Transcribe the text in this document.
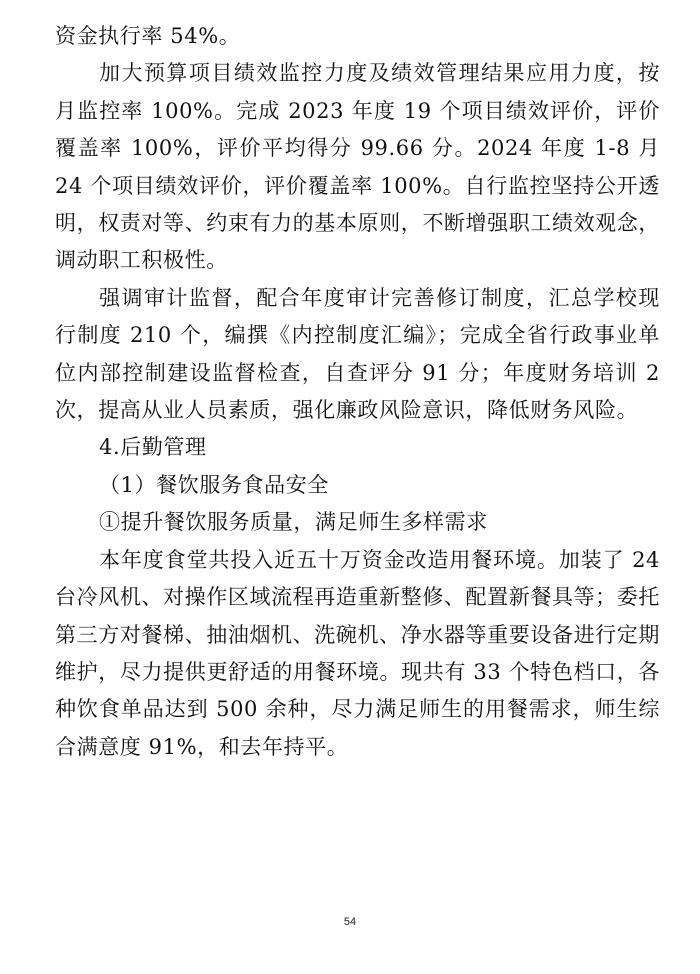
资金执行率 54%。

加大预算项目绩效监控力度及绩效管理结果应用力度，按月监控率 100%。完成 2023 年度 19 个项目绩效评价，评价覆盖率 100%，评价平均得分 99.66 分。2024 年度 1-8 月 24 个项目绩效评价，评价覆盖率 100%。自行监控坚持公开透明，权责对等、约束有力的基本原则，不断增强职工绩效观念，调动职工积极性。

强调审计监督，配合年度审计完善修订制度，汇总学校现行制度 210 个，编撰《内控制度汇编》；完成全省行政事业单位内部控制建设监督检查，自查评分 91 分；年度财务培训 2 次，提高从业人员素质，强化廉政风险意识，降低财务风险。

4.后勤管理

（1）餐饮服务食品安全

①提升餐饮服务质量，满足师生多样需求

本年度食堂共投入近五十万资金改造用餐环境。加装了 24 台冷风机、对操作区域流程再造重新整修、配置新餐具等；委托第三方对餐梯、抽油烟机、洗碗机、净水器等重要设备进行定期维护，尽力提供更舒适的用餐环境。现共有 33 个特色档口，各种饮食单品达到 500 余种，尽力满足师生的用餐需求，师生综合满意度 91%，和去年持平。

54
